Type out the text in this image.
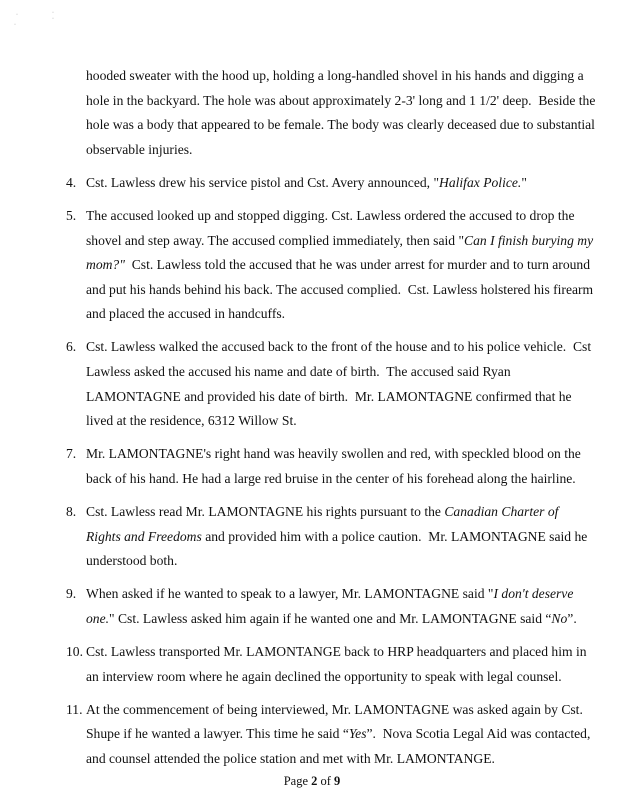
·
·
·
·
hooded sweater with the hood up, holding a long-handled shovel in his hands and digging a
hole in the backyard. The hole was about approximately 2-3' long and 1 1/2' deep.  Beside the
hole was a body that appeared to be female. The body was clearly deceased due to substantial
observable injuries.
4. Cst. Lawless drew his service pistol and Cst. Avery announced, "Halifax Police."
5. The accused looked up and stopped digging. Cst. Lawless ordered the accused to drop the
shovel and step away. The accused complied immediately, then said "Can I finish burying my
mom?"  Cst. Lawless told the accused that he was under arrest for murder and to turn around
and put his hands behind his back. The accused complied.  Cst. Lawless holstered his firearm
and placed the accused in handcuffs.
6. Cst. Lawless walked the accused back to the front of the house and to his police vehicle.  Cst
Lawless asked the accused his name and date of birth.  The accused said Ryan
LAMONTAGNE and provided his date of birth.  Mr. LAMONTAGNE confirmed that he
lived at the residence, 6312 Willow St.
7. Mr. LAMONTAGNE's right hand was heavily swollen and red, with speckled blood on the
back of his hand. He had a large red bruise in the center of his forehead along the hairline.
8. Cst. Lawless read Mr. LAMONTAGNE his rights pursuant to the Canadian Charter of
Rights and Freedoms and provided him with a police caution.  Mr. LAMONTAGNE said he
understood both.
9. When asked if he wanted to speak to a lawyer, Mr. LAMONTAGNE said "I don't deserve
one." Cst. Lawless asked him again if he wanted one and Mr. LAMONTAGNE said “No”.
10. Cst. Lawless transported Mr. LAMONTANGE back to HRP headquarters and placed him in
an interview room where he again declined the opportunity to speak with legal counsel.
11. At the commencement of being interviewed, Mr. LAMONTAGNE was asked again by Cst.
Shupe if he wanted a lawyer. This time he said “Yes”.  Nova Scotia Legal Aid was contacted,
and counsel attended the police station and met with Mr. LAMONTANGE.
Page 2 of 9
